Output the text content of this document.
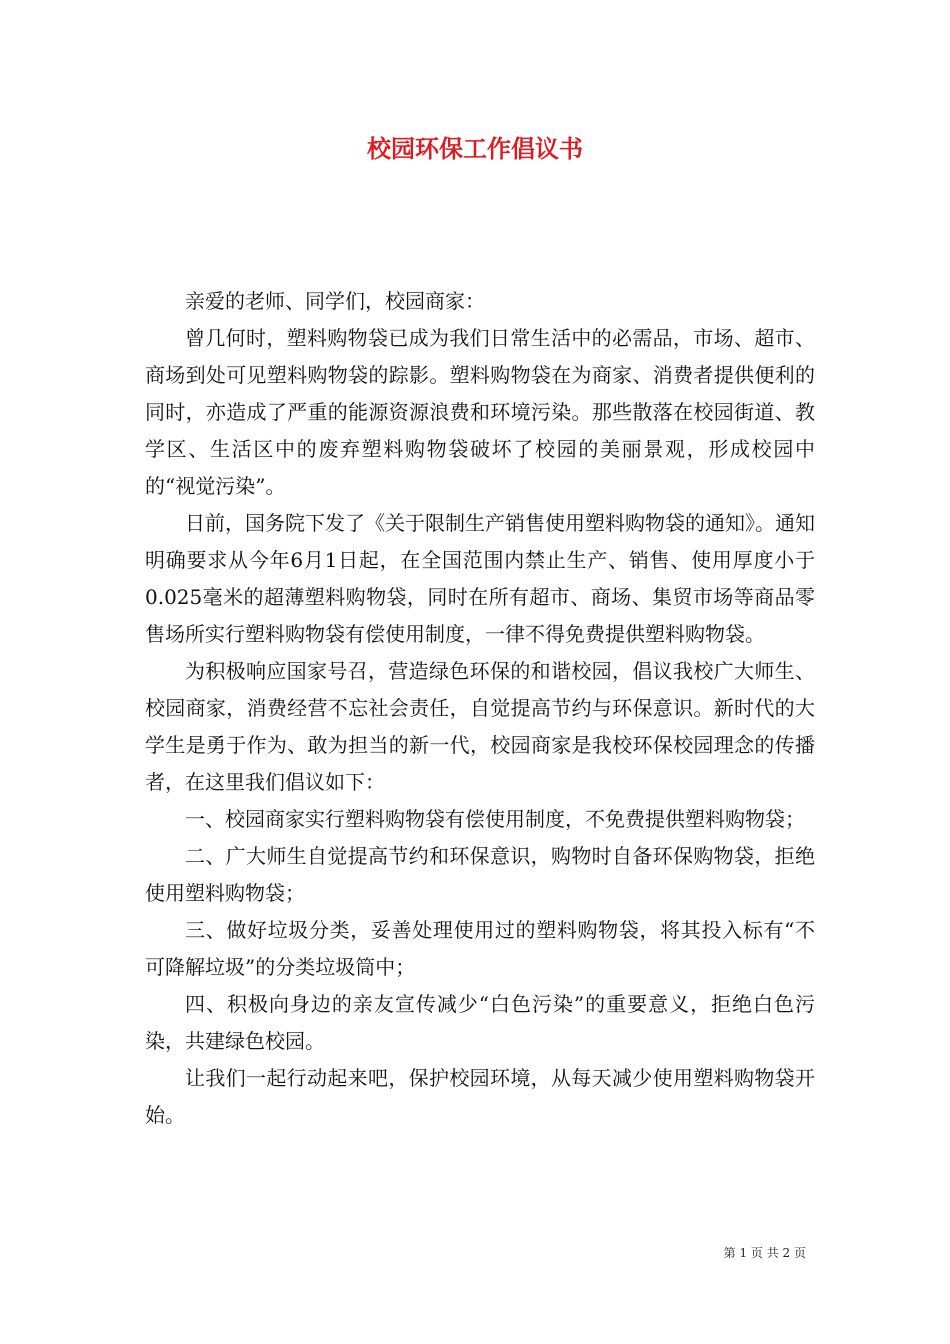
校园环保工作倡议书

亲爱的老师、同学们，校园商家：

曾几何时，塑料购物袋已成为我们日常生活中的必需品，市场、超市、商场到处可见塑料购物袋的踪影。塑料购物袋在为商家、消费者提供便利的同时，亦造成了严重的能源资源浪费和环境污染。那些散落在校园街道、教学区、生活区中的废弃塑料购物袋破坏了校园的美丽景观，形成校园中的“视觉污染”。

日前，国务院下发了《关于限制生产销售使用塑料购物袋的通知》。通知明确要求从今年6月1日起，在全国范围内禁止生产、销售、使用厚度小于0.025毫米的超薄塑料购物袋，同时在所有超市、商场、集贸市场等商品零售场所实行塑料购物袋有偿使用制度，一律不得免费提供塑料购物袋。

为积极响应国家号召，营造绿色环保的和谐校园，倡议我校广大师生、校园商家，消费经营不忘社会责任，自觉提高节约与环保意识。新时代的大学生是勇于作为、敢为担当的新一代，校园商家是我校环保校园理念的传播者，在这里我们倡议如下：

一、校园商家实行塑料购物袋有偿使用制度，不免费提供塑料购物袋；

二、广大师生自觉提高节约和环保意识，购物时自备环保购物袋，拒绝使用塑料购物袋；

三、做好垃圾分类，妥善处理使用过的塑料购物袋，将其投入标有“不可降解垃圾”的分类垃圾筒中；

四、积极向身边的亲友宣传减少“白色污染”的重要意义，拒绝白色污染，共建绿色校园。

让我们一起行动起来吧，保护校园环境，从每天减少使用塑料购物袋开始。

第 1 页 共 2 页
